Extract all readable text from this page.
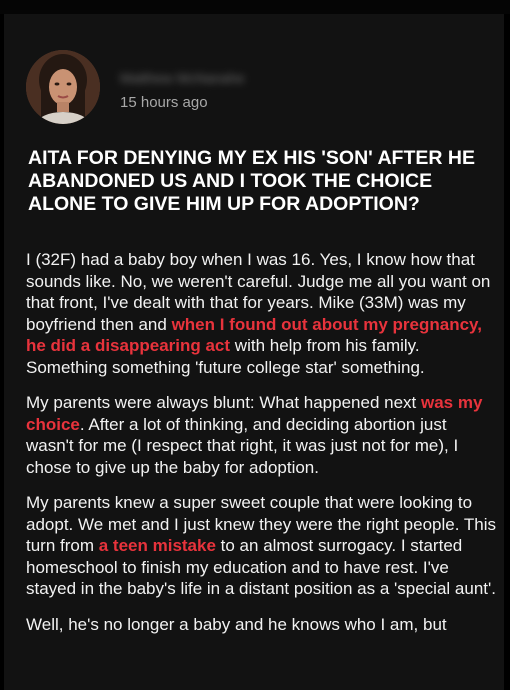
Matthew McNanahe
15 hours ago
AITA FOR DENYING MY EX HIS 'SON' AFTER HE ABANDONED US AND I TOOK THE CHOICE ALONE TO GIVE HIM UP FOR ADOPTION?

I (32F) had a baby boy when I was 16. Yes, I know how that sounds like. No, we weren't careful. Judge me all you want on that front, I've dealt with that for years. Mike (33M) was my boyfriend then and when I found out about my pregnancy, he did a disappearing act with help from his family. Something something 'future college star' something.

My parents were always blunt: What happened next was my choice. After a lot of thinking, and deciding abortion just wasn't for me (I respect that right, it was just not for me), I chose to give up the baby for adoption.

My parents knew a super sweet couple that were looking to adopt. We met and I just knew they were the right people. This turn from a teen mistake to an almost surrogacy. I started homeschool to finish my education and to have rest. I've stayed in the baby's life in a distant position as a 'special aunt'.

Well, he's no longer a baby and he knows who I am, but
